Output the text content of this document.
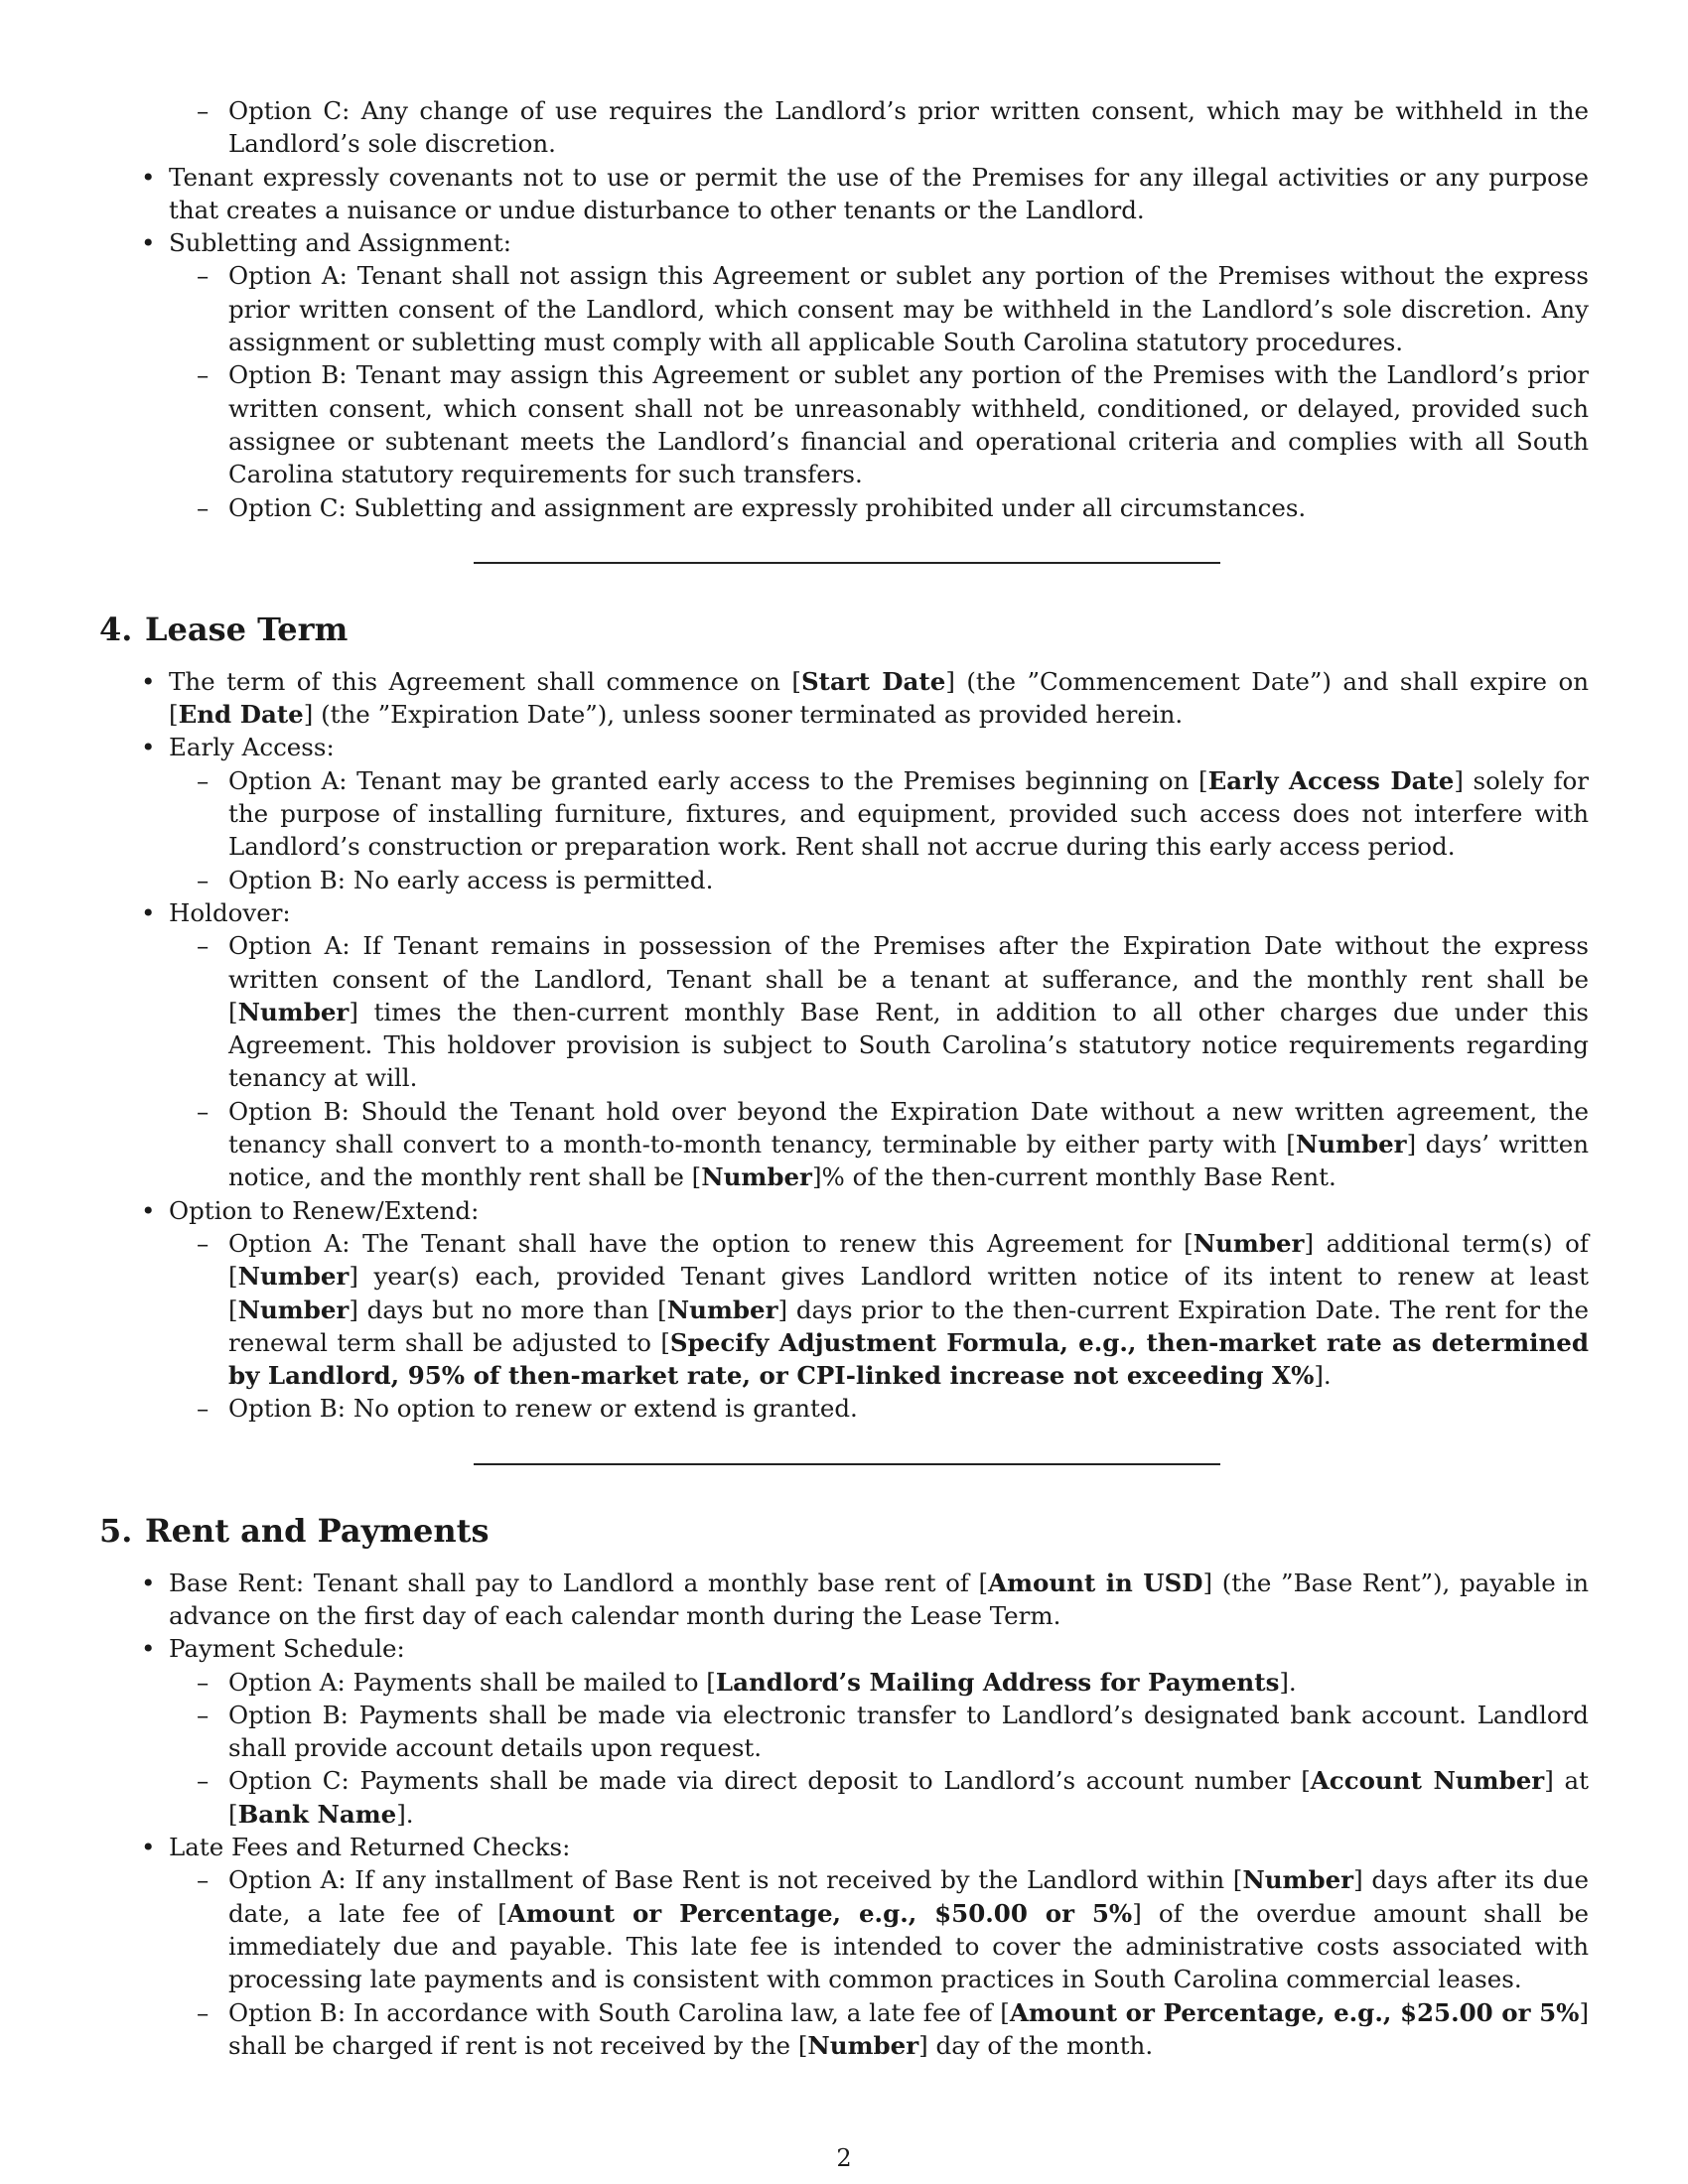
– Option C: Any change of use requires the Landlord’s prior written consent, which may be withheld in the Landlord’s sole discretion.
• Tenant expressly covenants not to use or permit the use of the Premises for any illegal activities or any purpose that creates a nuisance or undue disturbance to other tenants or the Landlord.
• Subletting and Assignment:
– Option A: Tenant shall not assign this Agreement or sublet any portion of the Premises without the express prior written consent of the Landlord, which consent may be withheld in the Landlord’s sole discretion. Any assignment or subletting must comply with all applicable South Carolina statutory procedures.
– Option B: Tenant may assign this Agreement or sublet any portion of the Premises with the Landlord’s prior written consent, which consent shall not be unreasonably withheld, conditioned, or delayed, provided such assignee or subtenant meets the Landlord’s financial and operational criteria and complies with all South Carolina statutory requirements for such transfers.
– Option C: Subletting and assignment are expressly prohibited under all circumstances.
4. Lease Term
• The term of this Agreement shall commence on [Start Date] (the ”Commencement Date”) and shall expire on [End Date] (the ”Expiration Date”), unless sooner terminated as provided herein.
• Early Access:
– Option A: Tenant may be granted early access to the Premises beginning on [Early Access Date] solely for the purpose of installing furniture, fixtures, and equipment, provided such access does not interfere with Landlord’s construction or preparation work. Rent shall not accrue during this early access period.
– Option B: No early access is permitted.
• Holdover:
– Option A: If Tenant remains in possession of the Premises after the Expiration Date without the express written consent of the Landlord, Tenant shall be a tenant at sufferance, and the monthly rent shall be [Number] times the then-current monthly Base Rent, in addition to all other charges due under this Agreement. This holdover provision is subject to South Carolina’s statutory notice requirements regarding tenancy at will.
– Option B: Should the Tenant hold over beyond the Expiration Date without a new written agreement, the tenancy shall convert to a month-to-month tenancy, terminable by either party with [Number] days’ written notice, and the monthly rent shall be [Number]% of the then-current monthly Base Rent.
• Option to Renew/Extend:
– Option A: The Tenant shall have the option to renew this Agreement for [Number] additional term(s) of [Number] year(s) each, provided Tenant gives Landlord written notice of its intent to renew at least [Number] days but no more than [Number] days prior to the then-current Expiration Date. The rent for the renewal term shall be adjusted to [Specify Adjustment Formula, e.g., then-market rate as determined by Landlord, 95% of then-market rate, or CPI-linked increase not exceeding X%].
– Option B: No option to renew or extend is granted.
5. Rent and Payments
• Base Rent: Tenant shall pay to Landlord a monthly base rent of [Amount in USD] (the ”Base Rent”), payable in advance on the first day of each calendar month during the Lease Term.
• Payment Schedule:
– Option A: Payments shall be mailed to [Landlord’s Mailing Address for Payments].
– Option B: Payments shall be made via electronic transfer to Landlord’s designated bank account. Landlord shall provide account details upon request.
– Option C: Payments shall be made via direct deposit to Landlord’s account number [Account Number] at [Bank Name].
• Late Fees and Returned Checks:
– Option A: If any installment of Base Rent is not received by the Landlord within [Number] days after its due date, a late fee of [Amount or Percentage, e.g., $50.00 or 5%] of the overdue amount shall be immediately due and payable. This late fee is intended to cover the administrative costs associated with processing late payments and is consistent with common practices in South Carolina commercial leases.
– Option B: In accordance with South Carolina law, a late fee of [Amount or Percentage, e.g., $25.00 or 5%] shall be charged if rent is not received by the [Number] day of the month.
2
